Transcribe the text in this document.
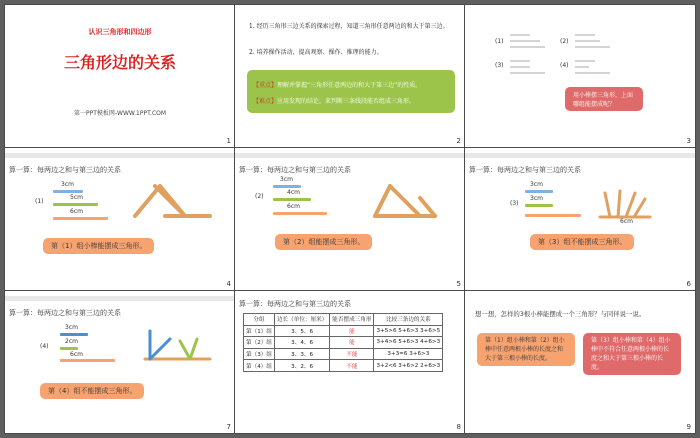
认识三角形和四边形
三角形边的关系
第一PPT模板网-WWW.1PPT.COM
1
1. 经历三角形三边关系的探索过程，知道三角形任意两边的和大于第三边。
2. 培养操作活动，提高观察、操作、推理的能力。
【重点】理解并掌握“三角形任意两边的和大于第三边”的性质。
【难点】应用发现的结论，来判断三条线段能否组成三角形。
2
(1)	(2)
(3)	(4)
用小棒摆三角形，上面哪组能摆成呢？
3
算一算：每两边之和与第三边的关系
(1)
3cm
5cm
6cm
第（1）组小棒能摆成三角形。
4
算一算：每两边之和与第三边的关系
(2)
3cm
4cm
6cm
第（2）组能摆成三角形。
5
算一算：每两边之和与第三边的关系
(3)
3cm
3cm
6cm
第（3）组不能摆成三角形。
6
算一算：每两边之和与第三边的关系
(4)
3cm
2cm
6cm
第（4）组不能摆成三角形。
7
算一算：每两边之和与第三边的关系
分组	边长（单位：厘米）	能否摆成三角形	比较三条边的关系
第（1）组	3、5、6	能	3+5>6 5+6>3 3+6>5
第（2）组	3、4、6	能	3+4>6 5+6>3 4+6>3
第（3）组	3、3、6	不能	3+3=6 3+6>3
第（4）组	3、2、6	不能	3+2<6 3+6>2 2+6>3
8
想一想，怎样的3根小棒能摆成一个三角形？与同伴说一说。
第（1）组小棒和第（2）组小棒中任意两根小棒的长度之和大于第三根小棒的长度。
第（3）组小棒和第（4）组小棒中不符合任意两根小棒的长度之和大于第三根小棒的长度。
9
